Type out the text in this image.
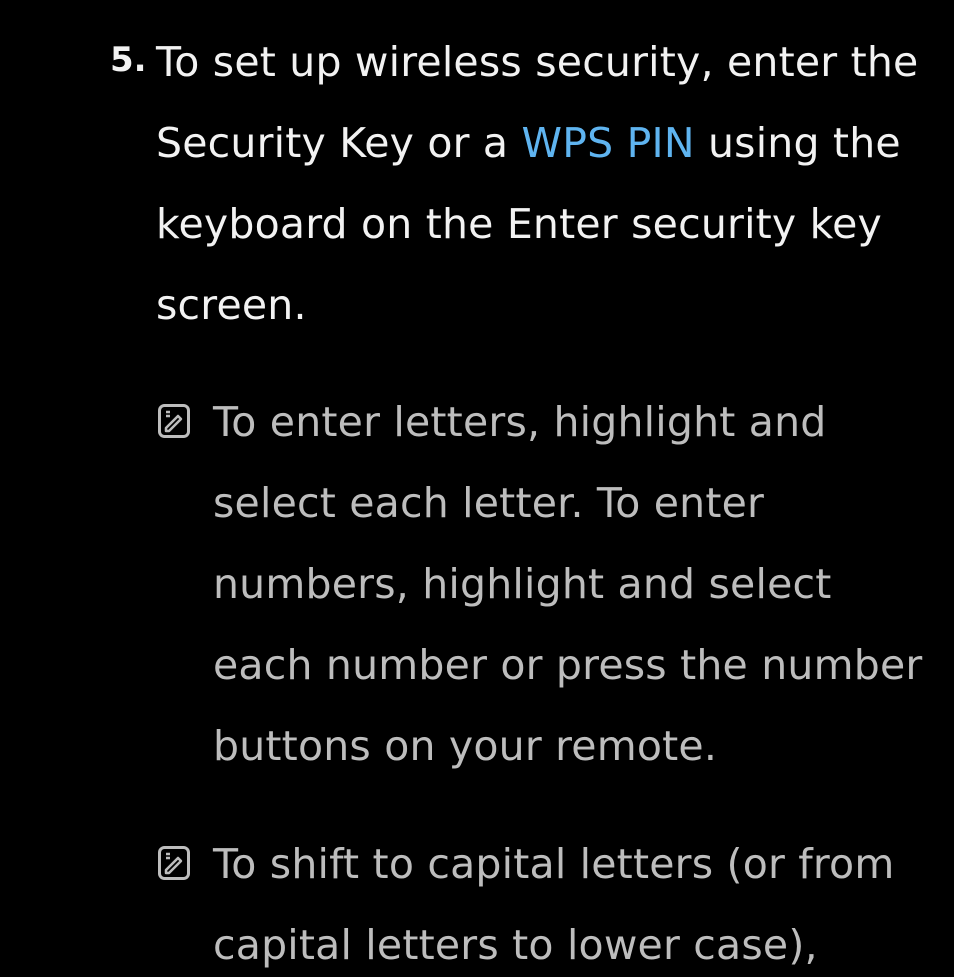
5. To set up wireless security, enter the
Security Key or a WPS PIN using the
keyboard on the Enter security key
screen.
To enter letters, highlight and
select each letter. To enter
numbers, highlight and select
each number or press the number
buttons on your remote.
To shift to capital letters (or from
capital letters to lower case),
